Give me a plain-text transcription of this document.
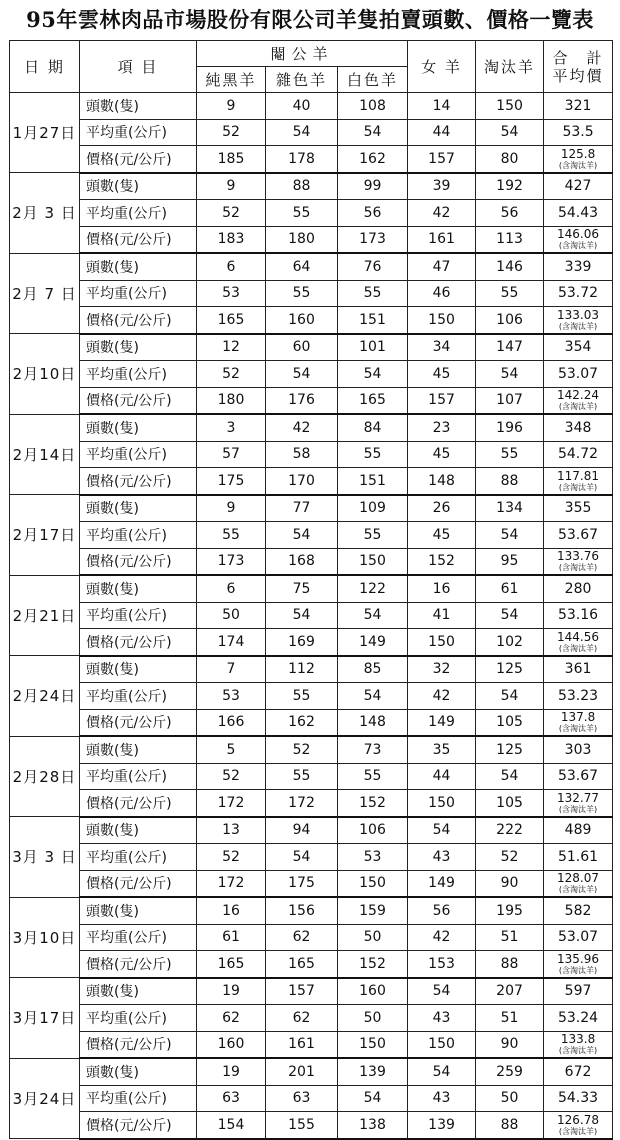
95年雲林肉品市場股份有限公司羊隻拍賣頭數、價格一覽表
日 期	項 目	閹公羊			女 羊	淘汰羊	合　計
平均價

		純黑羊	雜色羊	白色羊			
1月27日	頭數(隻)	9	40	108	14	150	321
	平均重(公斤)	52	54	54	44	54	53.5
	價格(元/公斤)	185	178	162	157	80	125.8
(含淘汰羊)

2月 3 日	頭數(隻)	9	88	99	39	192	427
	平均重(公斤)	52	55	56	42	56	54.43
	價格(元/公斤)	183	180	173	161	113	146.06
(含淘汰羊)

2月 7 日	頭數(隻)	6	64	76	47	146	339
	平均重(公斤)	53	55	55	46	55	53.72
	價格(元/公斤)	165	160	151	150	106	133.03
(含淘汰羊)

2月10日	頭數(隻)	12	60	101	34	147	354
	平均重(公斤)	52	54	54	45	54	53.07
	價格(元/公斤)	180	176	165	157	107	142.24
(含淘汰羊)

2月14日	頭數(隻)	3	42	84	23	196	348
	平均重(公斤)	57	58	55	45	55	54.72
	價格(元/公斤)	175	170	151	148	88	117.81
(含淘汰羊)

2月17日	頭數(隻)	9	77	109	26	134	355
	平均重(公斤)	55	54	55	45	54	53.67
	價格(元/公斤)	173	168	150	152	95	133.76
(含淘汰羊)

2月21日	頭數(隻)	6	75	122	16	61	280
	平均重(公斤)	50	54	54	41	54	53.16
	價格(元/公斤)	174	169	149	150	102	144.56
(含淘汰羊)

2月24日	頭數(隻)	7	112	85	32	125	361
	平均重(公斤)	53	55	54	42	54	53.23
	價格(元/公斤)	166	162	148	149	105	137.8
(含淘汰羊)

2月28日	頭數(隻)	5	52	73	35	125	303
	平均重(公斤)	52	55	55	44	54	53.67
	價格(元/公斤)	172	172	152	150	105	132.77
(含淘汰羊)

3月 3 日	頭數(隻)	13	94	106	54	222	489
	平均重(公斤)	52	54	53	43	52	51.61
	價格(元/公斤)	172	175	150	149	90	128.07
(含淘汰羊)

3月10日	頭數(隻)	16	156	159	56	195	582
	平均重(公斤)	61	62	50	42	51	53.07
	價格(元/公斤)	165	165	152	153	88	135.96
(含淘汰羊)

3月17日	頭數(隻)	19	157	160	54	207	597
	平均重(公斤)	62	62	50	43	51	53.24
	價格(元/公斤)	160	161	150	150	90	133.8
(含淘汰羊)

3月24日	頭數(隻)	19	201	139	54	259	672
	平均重(公斤)	63	63	54	43	50	54.33
	價格(元/公斤)	154	155	138	139	88	126.78
(含淘汰羊)
